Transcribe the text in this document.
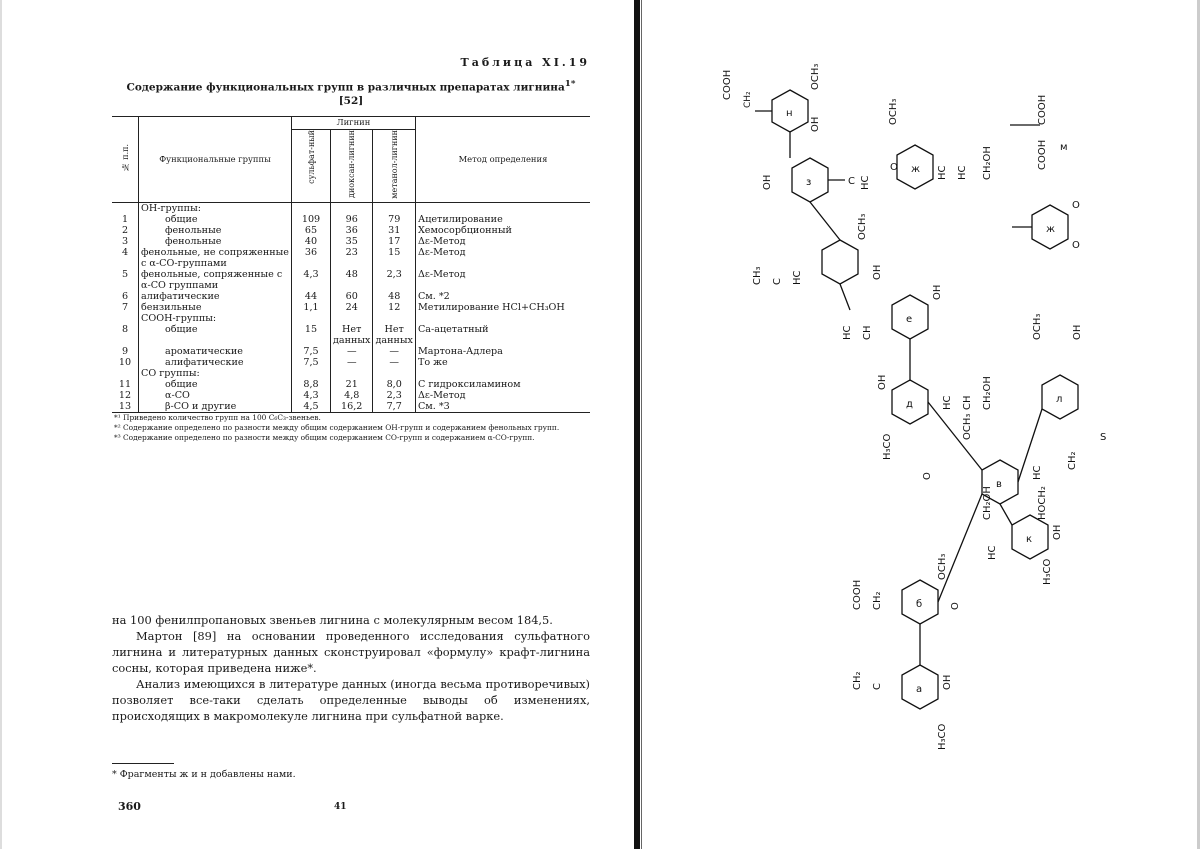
Таблица XI.19
Содержание функциональных групп в различных препаратах лигнина$^{1*}$
[52]
№ п.п.	Функциональные группы	Лигнин			Метод определения
		сульфат-ный	диоксан-лигнин	метанол-лигнин	
	ОН-группы:				
1	общие	109	96	79	Ацетилирование
2	фенольные	65	36	31	Хемосорбционный
3	фенольные	40	35	17	Δε-Метод
4	фенольные, не сопряженные с α-СО-группами	36	23	15	Δε-Метод
5	фенольные, сопряженные с α-СО группами	4,3	48	2,3	Δε-Метод
6	алифатические	44	60	48	См. *2
7	бензильные	1,1	24	12	Метилирование HCl+CH₃OH
	СООН-группы:				
8	общие	15	Нет данных	Нет данных	Са-ацетатный
9	ароматические	7,5	—	—	Мартона-Адлера
10	алифатические	7,5	—	—	То же
	СО группы:				
11	общие	8,8	21	8,0	С гидроксиламином
12	α-СО	4,3	4,8	2,3	Δε-Метод
13	β-СО и другие	4,5	16,2	7,7	См. *3
*¹ Приведено количество групп на 100 C₆C₃-звеньев.					
*² Содержание определено по разности между общим содержанием ОН-групп и содержанием фенольных групп.					
*³ Содержание определено по разности между общим содержанием СО-групп и содержанием α-СО-групп.					

на 100 фенилпропановых звеньев лигнина с молекулярным весом 184,5.

Мартон [89] на основании проведенного исследования сульфатного лигнина и литературных данных сконструировал «формулу» крафт-лигнина сосны, которая приведена ниже*.

Анализ имеющихся в литературе данных (иногда весьма противоречивых) позволяет все-таки сделать определенные выводы об изменениях, происходящих в макромолекуле лигнина при сульфатной варке.

* Фрагменты ж и н добавлены нами.
360	41
н
COOH CH₂
OCH₃
OH
з
OH	C HC
O ж
OCH₃
HC HC CH₂OH
COOH
м
COOH
ж
O
O
CH₃ C HC
OCH₃
OH
е
HC CH
OH
д
OH
H₃CO
HC CH CH₂OH	л
OCH₃	OH
S
в
OCH₃
O	HC
HOCH₂
CH₂
к
CH₂OH
HC
OH
H₃CO
б
COOH CH₂
OCH₃
O
а
CH₂ C	OH
H₃CO
